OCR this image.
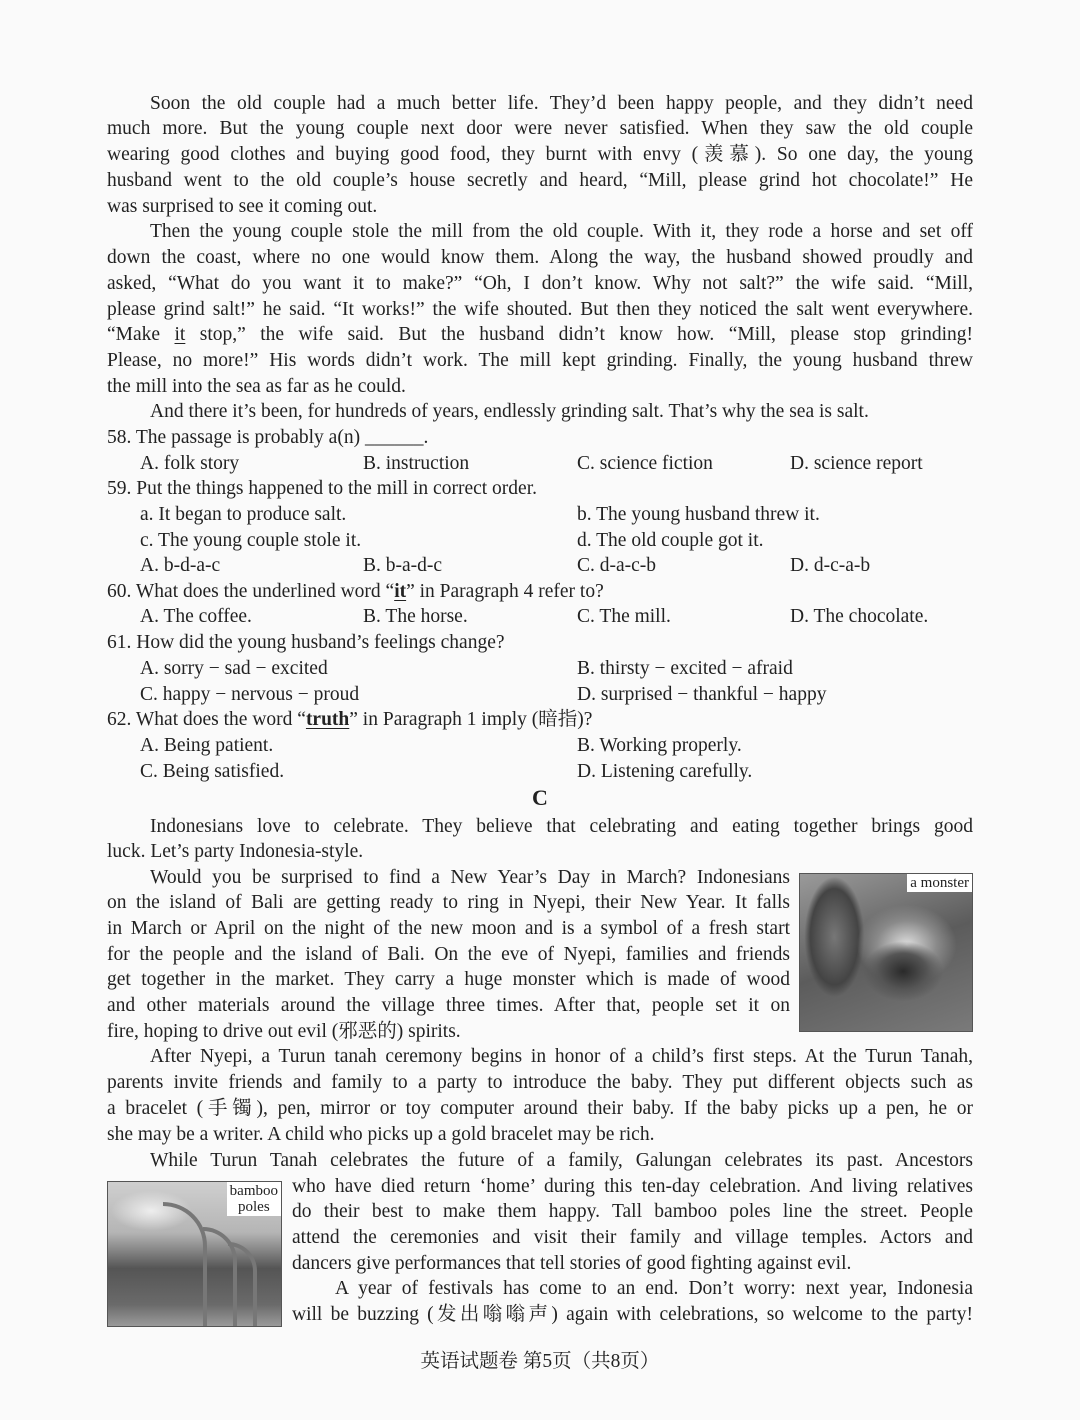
a monster
bamboo
poles
Soon the old couple had a much better life. They’d been happy people, and they didn’t need
much more. But the young couple next door were never satisfied. When they saw the old couple
wearing good clothes and buying good food, they burnt with envy (羡慕). So one day, the young
husband went to the old couple’s house secretly and heard, “Mill, please grind hot chocolate!” He
was surprised to see it coming out.
Then the young couple stole the mill from the old couple. With it, they rode a horse and set off
down the coast, where no one would know them. Along the way, the husband showed proudly and
asked, “What do you want it to make?” “Oh, I don’t know. Why not salt?” the wife said. “Mill,
please grind salt!” he said. “It works!” the wife shouted. But then they noticed the salt went everywhere.
“Make it stop,” the wife said. But the husband didn’t know how. “Mill, please stop grinding!
Please, no more!” His words didn’t work. The mill kept grinding. Finally, the young husband threw
the mill into the sea as far as he could.
And there it’s been, for hundreds of years, endlessly grinding salt. That’s why the sea is salt.
58. The passage is probably a(n) ______.
A. folk story	B. instruction	C. science fiction	D. science report
59. Put the things happened to the mill in correct order.
a. It began to produce salt.	b. The young husband threw it.
c. The young couple stole it.	d. The old couple got it.
A. b-d-a-c	B. b-a-d-c	C. d-a-c-b	D. d-c-a-b
60. What does the underlined word “it” in Paragraph 4 refer to?
A. The coffee.	B. The horse.	C. The mill.	D. The chocolate.
61. How did the young husband’s feelings change?
A. sorry − sad − excited	B. thirsty − excited − afraid
C. happy − nervous − proud	D. surprised − thankful − happy
62. What does the word “truth” in Paragraph 1 imply (暗指)?
A. Being patient.	B. Working properly.
C. Being satisfied.	D. Listening carefully.
C
Indonesians love to celebrate. They believe that celebrating and eating together brings good
luck. Let’s party Indonesia-style.
Would you be surprised to find a New Year’s Day in March? Indonesians
on the island of Bali are getting ready to ring in Nyepi, their New Year. It falls
in March or April on the night of the new moon and is a symbol of a fresh start
for the people and the island of Bali. On the eve of Nyepi, families and friends
get together in the market. They carry a huge monster which is made of wood
and other materials around the village three times. After that, people set it on
fire, hoping to drive out evil (邪恶的) spirits.
After Nyepi, a Turun tanah ceremony begins in honor of a child’s first steps. At the Turun Tanah,
parents invite friends and family to a party to introduce the baby. They put different objects such as
a bracelet (手镯), pen, mirror or toy computer around their baby. If the baby picks up a pen, he or
she may be a writer. A child who picks up a gold bracelet may be rich.
While Turun Tanah celebrates the future of a family, Galungan celebrates its past. Ancestors
who have died return ‘home’ during this ten-day celebration. And living relatives
do their best to make them happy. Tall bamboo poles line the street. People
attend the ceremonies and visit their family and village temples. Actors and
dancers give performances that tell stories of good fighting against evil.
A year of festivals has come to an end. Don’t worry: next year, Indonesia
will be buzzing (发出嗡嗡声) again with celebrations, so welcome to the party!
英语试题卷 第5页（共8页）
